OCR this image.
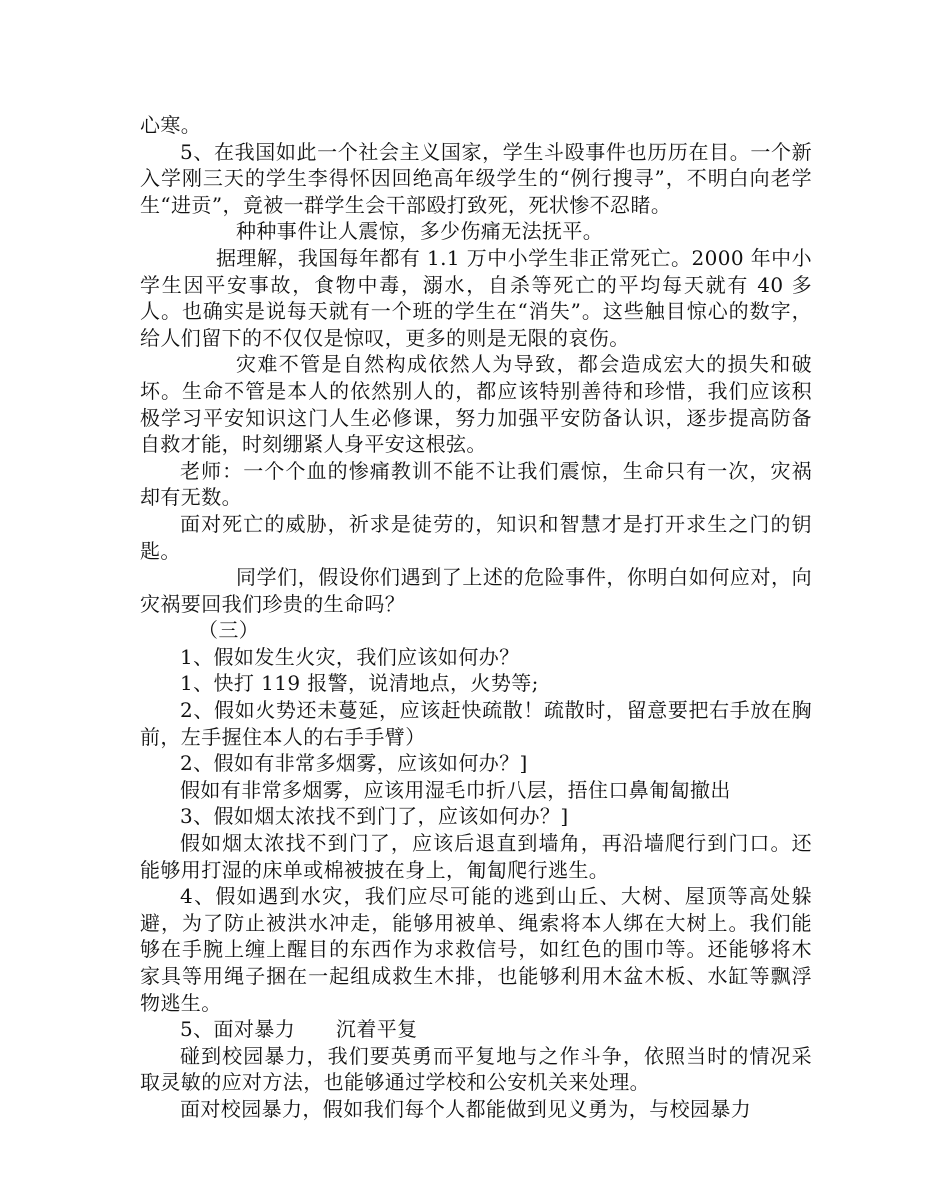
心寒。

5、在我国如此一个社会主义国家，学生斗殴事件也历历在目。一个新入学刚三天的学生李得怀因回绝高年级学生的“例行搜寻”，不明白向老学生“进贡”，竟被一群学生会干部殴打致死，死状惨不忍睹。

种种事件让人震惊，多少伤痛无法抚平。

据理解，我国每年都有 1.1 万中小学生非正常死亡。2000 年中小学生因平安事故，食物中毒，溺水，自杀等死亡的平均每天就有 40 多人。也确实是说每天就有一个班的学生在“消失”。这些触目惊心的数字，给人们留下的不仅仅是惊叹，更多的则是无限的哀伤。

灾难不管是自然构成依然人为导致，都会造成宏大的损失和破坏。生命不管是本人的依然别人的，都应该特别善待和珍惜，我们应该积极学习平安知识这门人生必修课，努力加强平安防备认识，逐步提高防备自救才能，时刻绷紧人身平安这根弦。

老师：一个个血的惨痛教训不能不让我们震惊，生命只有一次，灾祸却有无数。

面对死亡的威胁，祈求是徒劳的，知识和智慧才是打开求生之门的钥匙。

同学们，假设你们遇到了上述的危险事件，你明白如何应对，向灾祸要回我们珍贵的生命吗？

（三）

1、假如发生火灾，我们应该如何办？

1、快打 119 报警，说清地点，火势等;

2、假如火势还未蔓延，应该赶快疏散！疏散时，留意要把右手放在胸前，左手握住本人的右手手臂）

2、假如有非常多烟雾，应该如何办？]

假如有非常多烟雾，应该用湿毛巾折八层，捂住口鼻匍匐撤出

3、假如烟太浓找不到门了，应该如何办？]

假如烟太浓找不到门了，应该后退直到墙角，再沿墙爬行到门口。还能够用打湿的床单或棉被披在身上，匍匐爬行逃生。

4、假如遇到水灾，我们应尽可能的逃到山丘、大树、屋顶等高处躲避，为了防止被洪水冲走，能够用被单、绳索将本人绑在大树上。我们能够在手腕上缠上醒目的东西作为求救信号，如红色的围巾等。还能够将木家具等用绳子捆在一起组成救生木排，也能够利用木盆木板、水缸等飘浮物逃生。

5、面对暴力　　沉着平复

碰到校园暴力，我们要英勇而平复地与之作斗争，依照当时的情况采取灵敏的应对方法，也能够通过学校和公安机关来处理。

面对校园暴力，假如我们每个人都能做到见义勇为，与校园暴力
